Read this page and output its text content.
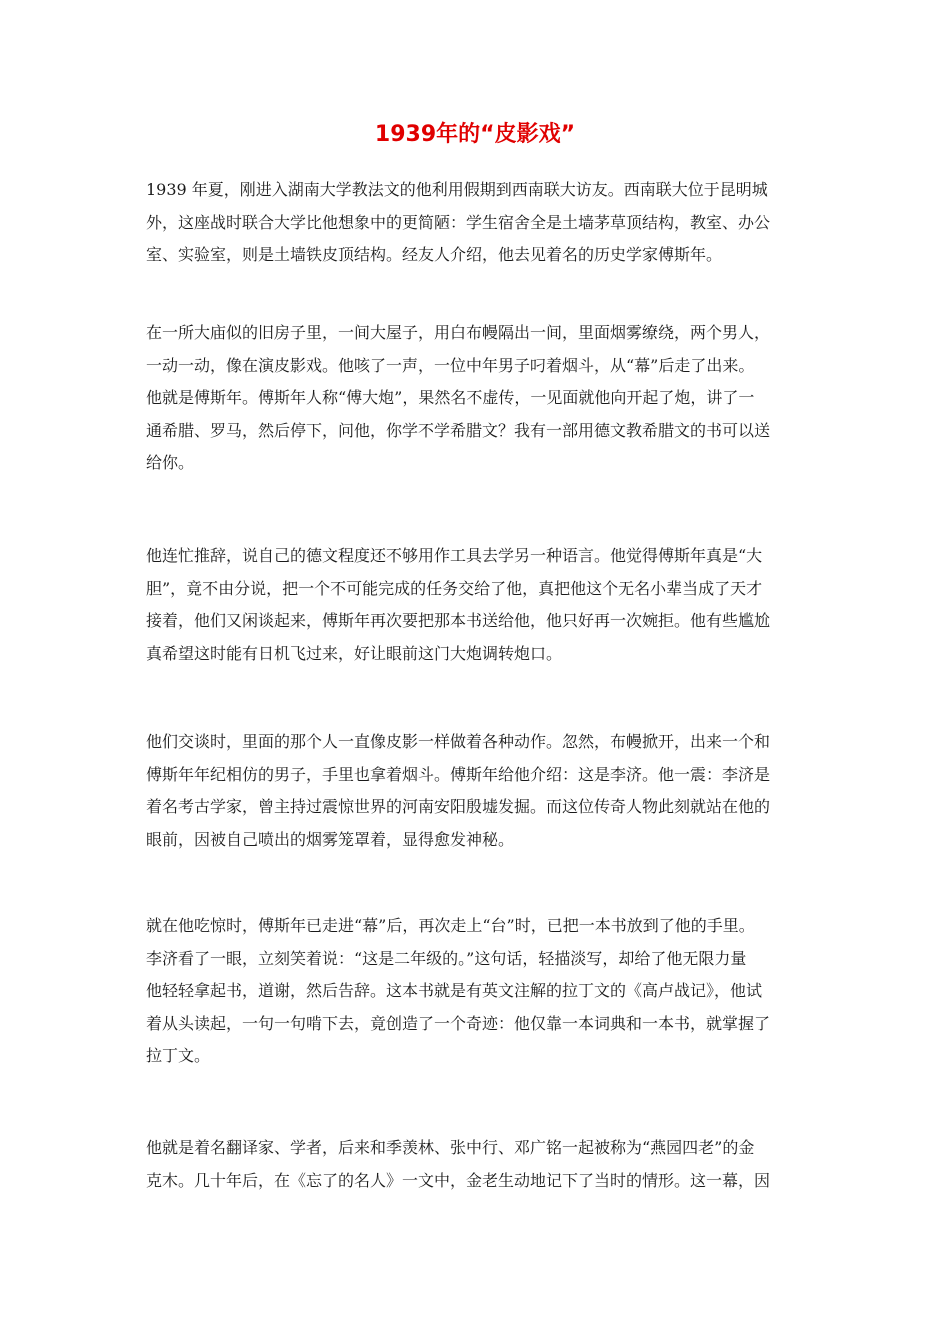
1939年的“皮影戏”
1939 年夏，刚进入湖南大学教法文的他利用假期到西南联大访友。西南联大位于昆明城
外，这座战时联合大学比他想象中的更简陋：学生宿舍全是土墙茅草顶结构，教室、办公
室、实验室，则是土墙铁皮顶结构。经友人介绍，他去见着名的历史学家傅斯年。
在一所大庙似的旧房子里，一间大屋子，用白布幔隔出一间，里面烟雾缭绕，两个男人，
一动一动，像在演皮影戏。他咳了一声，一位中年男子叼着烟斗，从“幕”后走了出来。
他就是傅斯年。傅斯年人称“傅大炮”，果然名不虚传，一见面就他向开起了炮，讲了一
通希腊、罗马，然后停下，问他，你学不学希腊文？我有一部用德文教希腊文的书可以送
给你。
他连忙推辞，说自己的德文程度还不够用作工具去学另一种语言。他觉得傅斯年真是“大
胆”，竟不由分说，把一个不可能完成的任务交给了他，真把他这个无名小辈当成了天才
接着，他们又闲谈起来，傅斯年再次要把那本书送给他，他只好再一次婉拒。他有些尴尬
真希望这时能有日机飞过来，好让眼前这门大炮调转炮口。
他们交谈时，里面的那个人一直像皮影一样做着各种动作。忽然，布幔掀开，出来一个和
傅斯年年纪相仿的男子，手里也拿着烟斗。傅斯年给他介绍：这是李济。他一震：李济是
着名考古学家，曾主持过震惊世界的河南安阳殷墟发掘。而这位传奇人物此刻就站在他的
眼前，因被自己喷出的烟雾笼罩着，显得愈发神秘。
就在他吃惊时，傅斯年已走进“幕”后，再次走上“台”时，已把一本书放到了他的手里。
李济看了一眼，立刻笑着说：“这是二年级的。”这句话，轻描淡写，却给了他无限力量
他轻轻拿起书，道谢，然后告辞。这本书就是有英文注解的拉丁文的《高卢战记》，他试
着从头读起，一句一句啃下去，竟创造了一个奇迹：他仅靠一本词典和一本书，就掌握了
拉丁文。
他就是着名翻译家、学者，后来和季羡林、张中行、邓广铭一起被称为“燕园四老”的金
克木。几十年后，在《忘了的名人》一文中，金老生动地记下了当时的情形。这一幕，因
